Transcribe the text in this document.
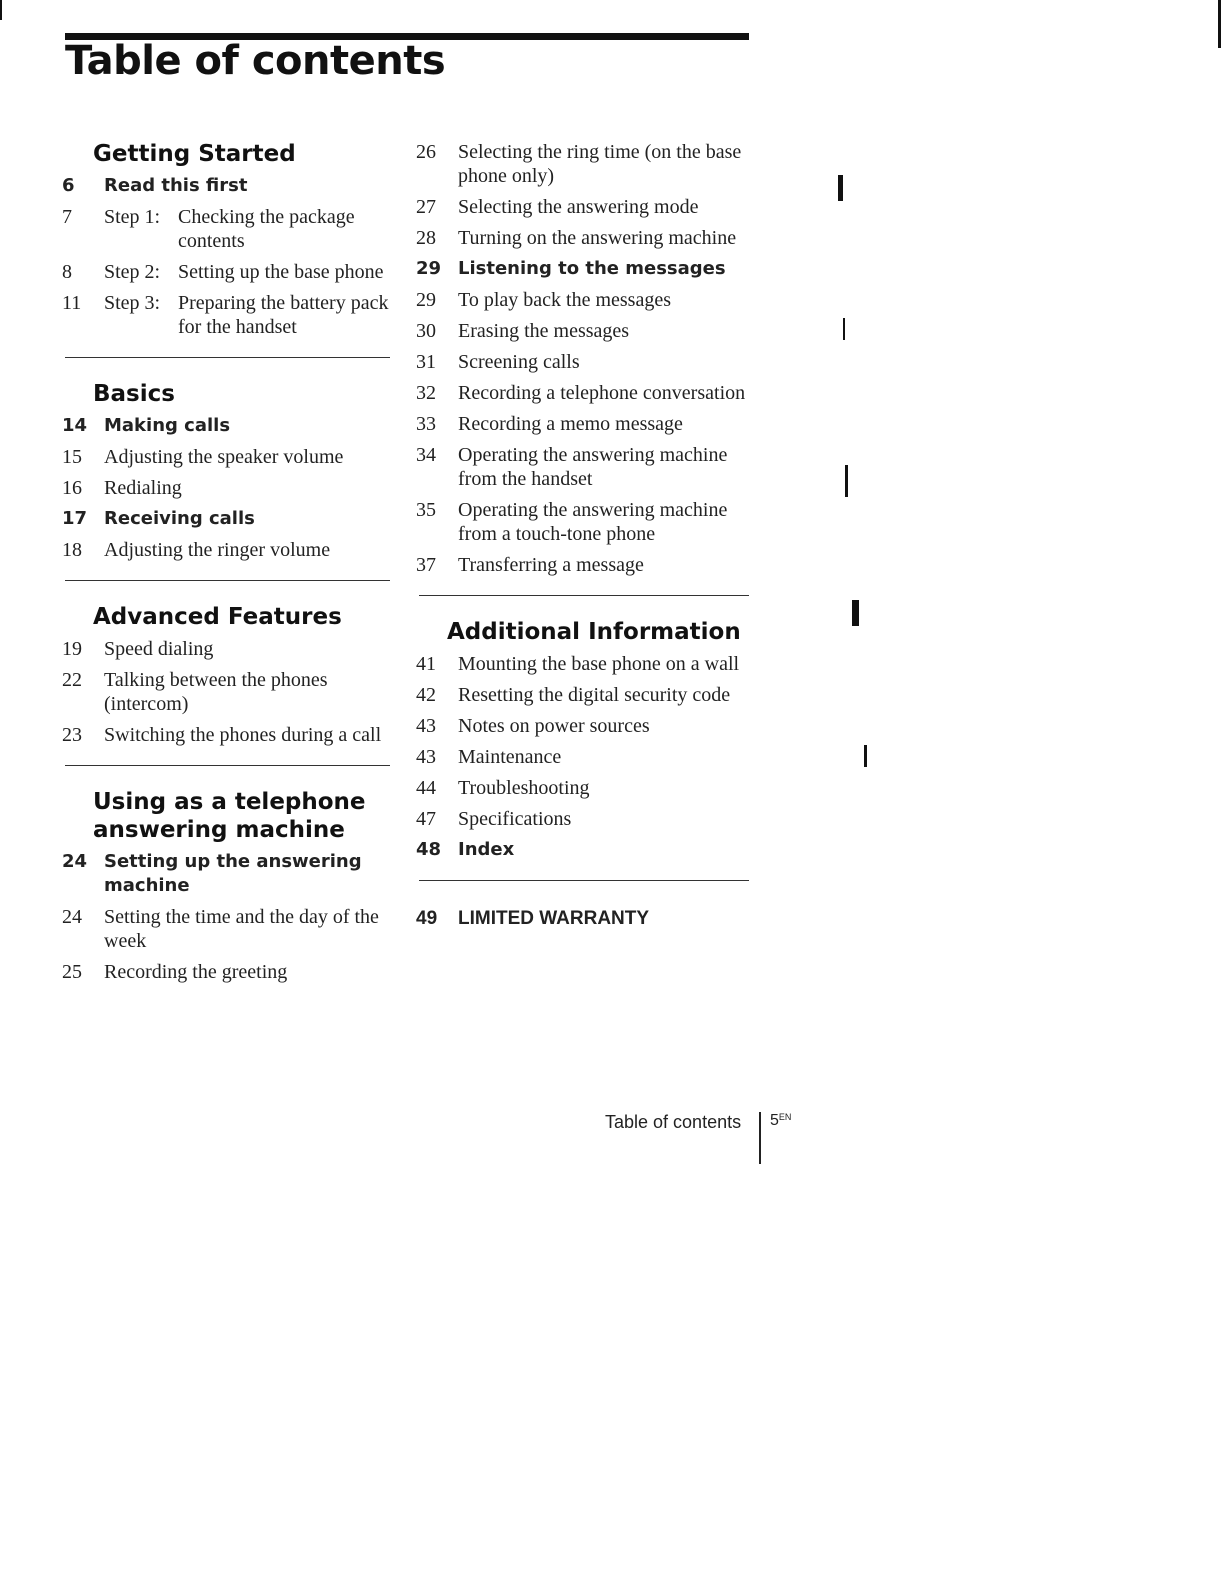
Table of contents
Getting Started
6	Read this first
7	Step 1: Checking the package contents
8	Step 2: Setting up the base phone
11	Step 3: Preparing the battery pack for the handset
Basics
14 Making calls
15	Adjusting the speaker volume
16	Redialing
17 Receiving calls
18	Adjusting the ringer volume
Advanced Features
19	Speed dialing
22	Talking between the phones (intercom)
23	Switching the phones during a call
Using as a telephone answering machine
24 Setting up the answering machine
24	Setting the time and the day of the week
25	Recording the greeting
26	Selecting the ring time (on the base phone only)
27	Selecting the answering mode
28	Turning on the answering machine
29 Listening to the messages
29	To play back the messages
30	Erasing the messages
31	Screening calls
32	Recording a telephone conversation
33	Recording a memo message
34	Operating the answering machine from the handset
35	Operating the answering machine from a touch-tone phone
37	Transferring a message
Additional Information
41	Mounting the base phone on a wall
42	Resetting the digital security code
43	Notes on power sources
43	Maintenance
44	Troubleshooting
47	Specifications
48 Index
49	LIMITED WARRANTY
Table of contents $5^{EN}$
